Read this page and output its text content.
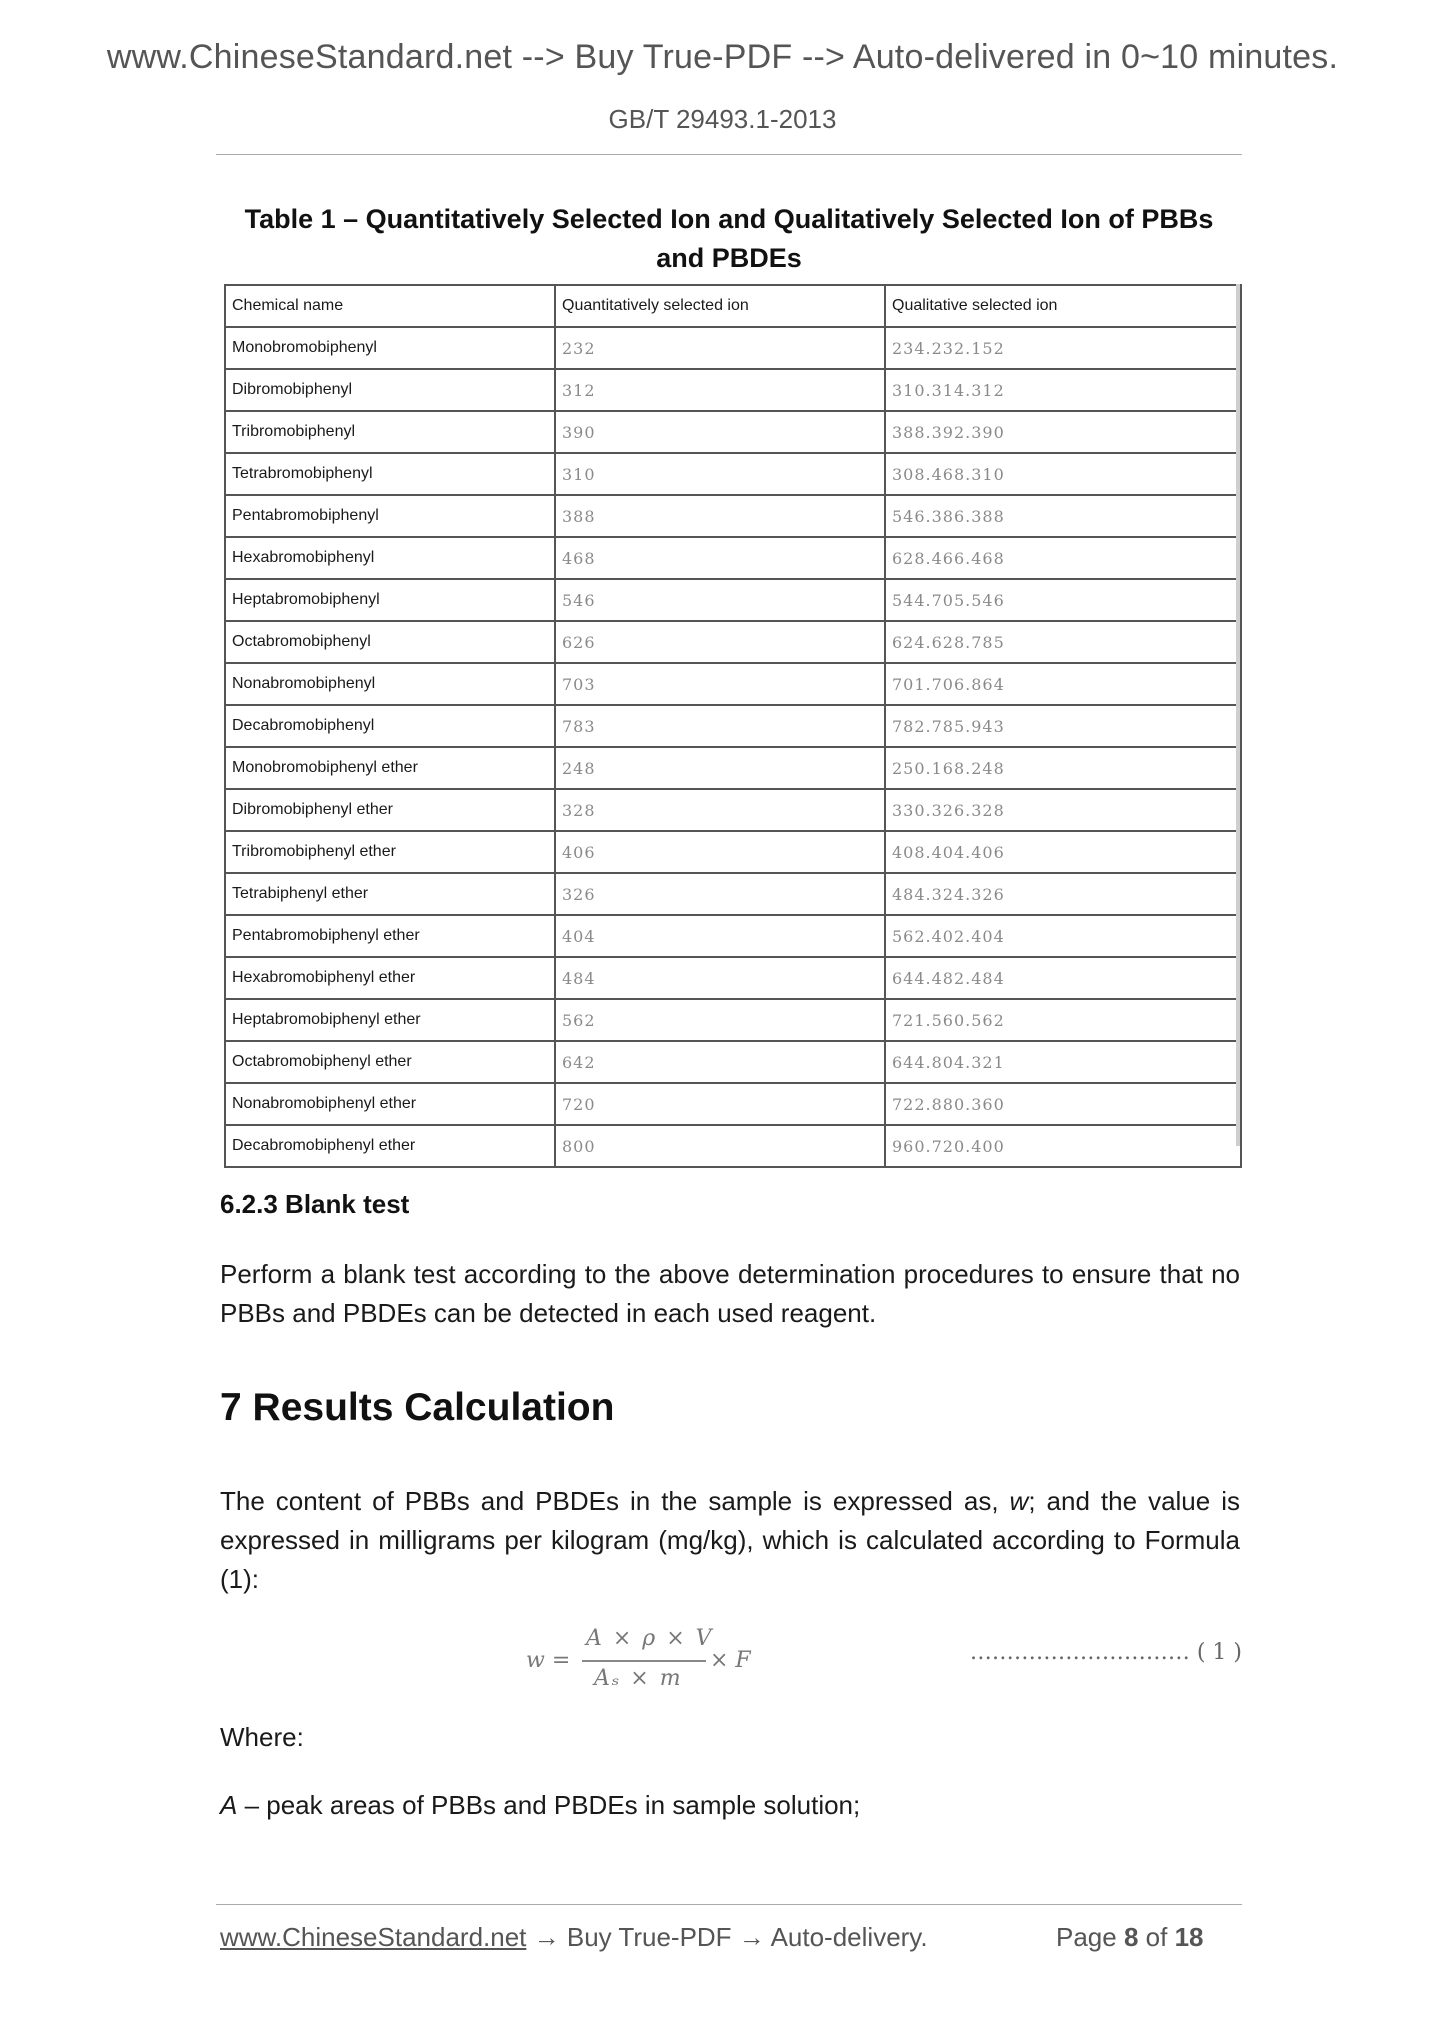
www.ChineseStandard.net --> Buy True-PDF --> Auto-delivered in 0~10 minutes.
GB/T 29493.1-2013
Table 1 – Quantitatively Selected Ion and Qualitatively Selected Ion of PBBs
and PBDEs
Chemical name	Quantitatively selected ion	Qualitative selected ion
Monobromobiphenyl	232	234.232.152
Dibromobiphenyl	312	310.314.312
Tribromobiphenyl	390	388.392.390
Tetrabromobiphenyl	310	308.468.310
Pentabromobiphenyl	388	546.386.388
Hexabromobiphenyl	468	628.466.468
Heptabromobiphenyl	546	544.705.546
Octabromobiphenyl	626	624.628.785
Nonabromobiphenyl	703	701.706.864
Decabromobiphenyl	783	782.785.943
Monobromobiphenyl ether	248	250.168.248
Dibromobiphenyl ether	328	330.326.328
Tribromobiphenyl ether	406	408.404.406
Tetrabiphenyl ether	326	484.324.326
Pentabromobiphenyl ether	404	562.402.404
Hexabromobiphenyl ether	484	644.482.484
Heptabromobiphenyl ether	562	721.560.562
Octabromobiphenyl ether	642	644.804.321
Nonabromobiphenyl ether	720	722.880.360
Decabromobiphenyl ether	800	960.720.400
6.2.3 Blank test
Perform a blank test according to the above determination procedures to ensure that no PBBs and PBDEs can be detected in each used reagent.
7 Results Calculation
The content of PBBs and PBDEs in the sample is expressed as, w; and the value is expressed in milligrams per kilogram (mg/kg), which is calculated according to Formula (1):
w =
A × ρ × V
Aₛ × m
× F	………………………… ( 1 )
Where:
A – peak areas of PBBs and PBDEs in sample solution;
www.ChineseStandard.net → Buy True-PDF → Auto-delivery.	Page 8 of 18
